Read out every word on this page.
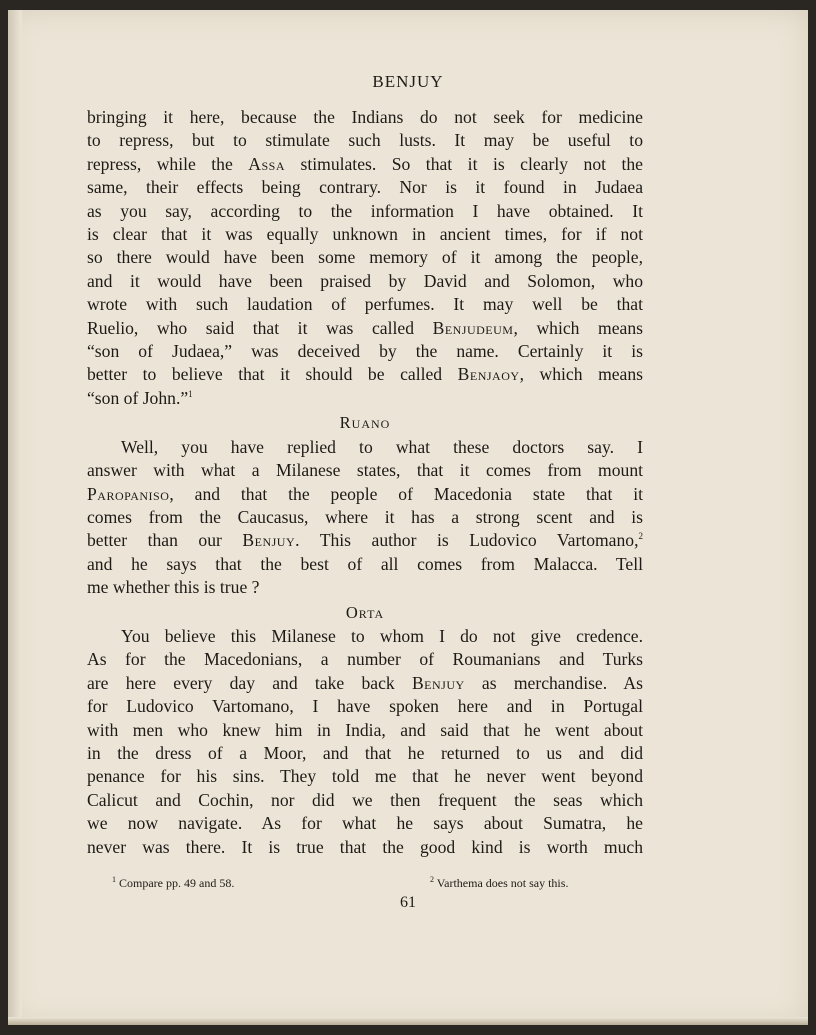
BENJUY
bringing it here, because the Indians do not seek for medicine
to repress, but to stimulate such lusts. It may be useful to
repress, while the Assa stimulates. So that it is clearly not the
same, their effects being contrary. Nor is it found in Judaea
as you say, according to the information I have obtained. It
is clear that it was equally unknown in ancient times, for if not
so there would have been some memory of it among the people,
and it would have been praised by David and Solomon, who
wrote with such laudation of perfumes. It may well be that
Ruelio, who said that it was called Benjudeum, which means
“son of Judaea,” was deceived by the name. Certainly it is
better to believe that it should be called Benjaoy, which means
“son of John.”$^1$
Ruano
Well, you have replied to what these doctors say. I
answer with what a Milanese states, that it comes from mount
Paropaniso, and that the people of Macedonia state that it
comes from the Caucasus, where it has a strong scent and is
better than our Benjuy. This author is Ludovico Vartomano,$^2$
and he says that the best of all comes from Malacca. Tell
me whether this is true ?
Orta
You believe this Milanese to whom I do not give credence.
As for the Macedonians, a number of Roumanians and Turks
are here every day and take back Benjuy as merchandise. As
for Ludovico Vartomano, I have spoken here and in Portugal
with men who knew him in India, and said that he went about
in the dress of a Moor, and that he returned to us and did
penance for his sins. They told me that he never went beyond
Calicut and Cochin, nor did we then frequent the seas which
we now navigate. As for what he says about Sumatra, he
never was there. It is true that the good kind is worth much
$^1$ Compare pp. 49 and 58.	$^2$ Varthema does not say this.
61
